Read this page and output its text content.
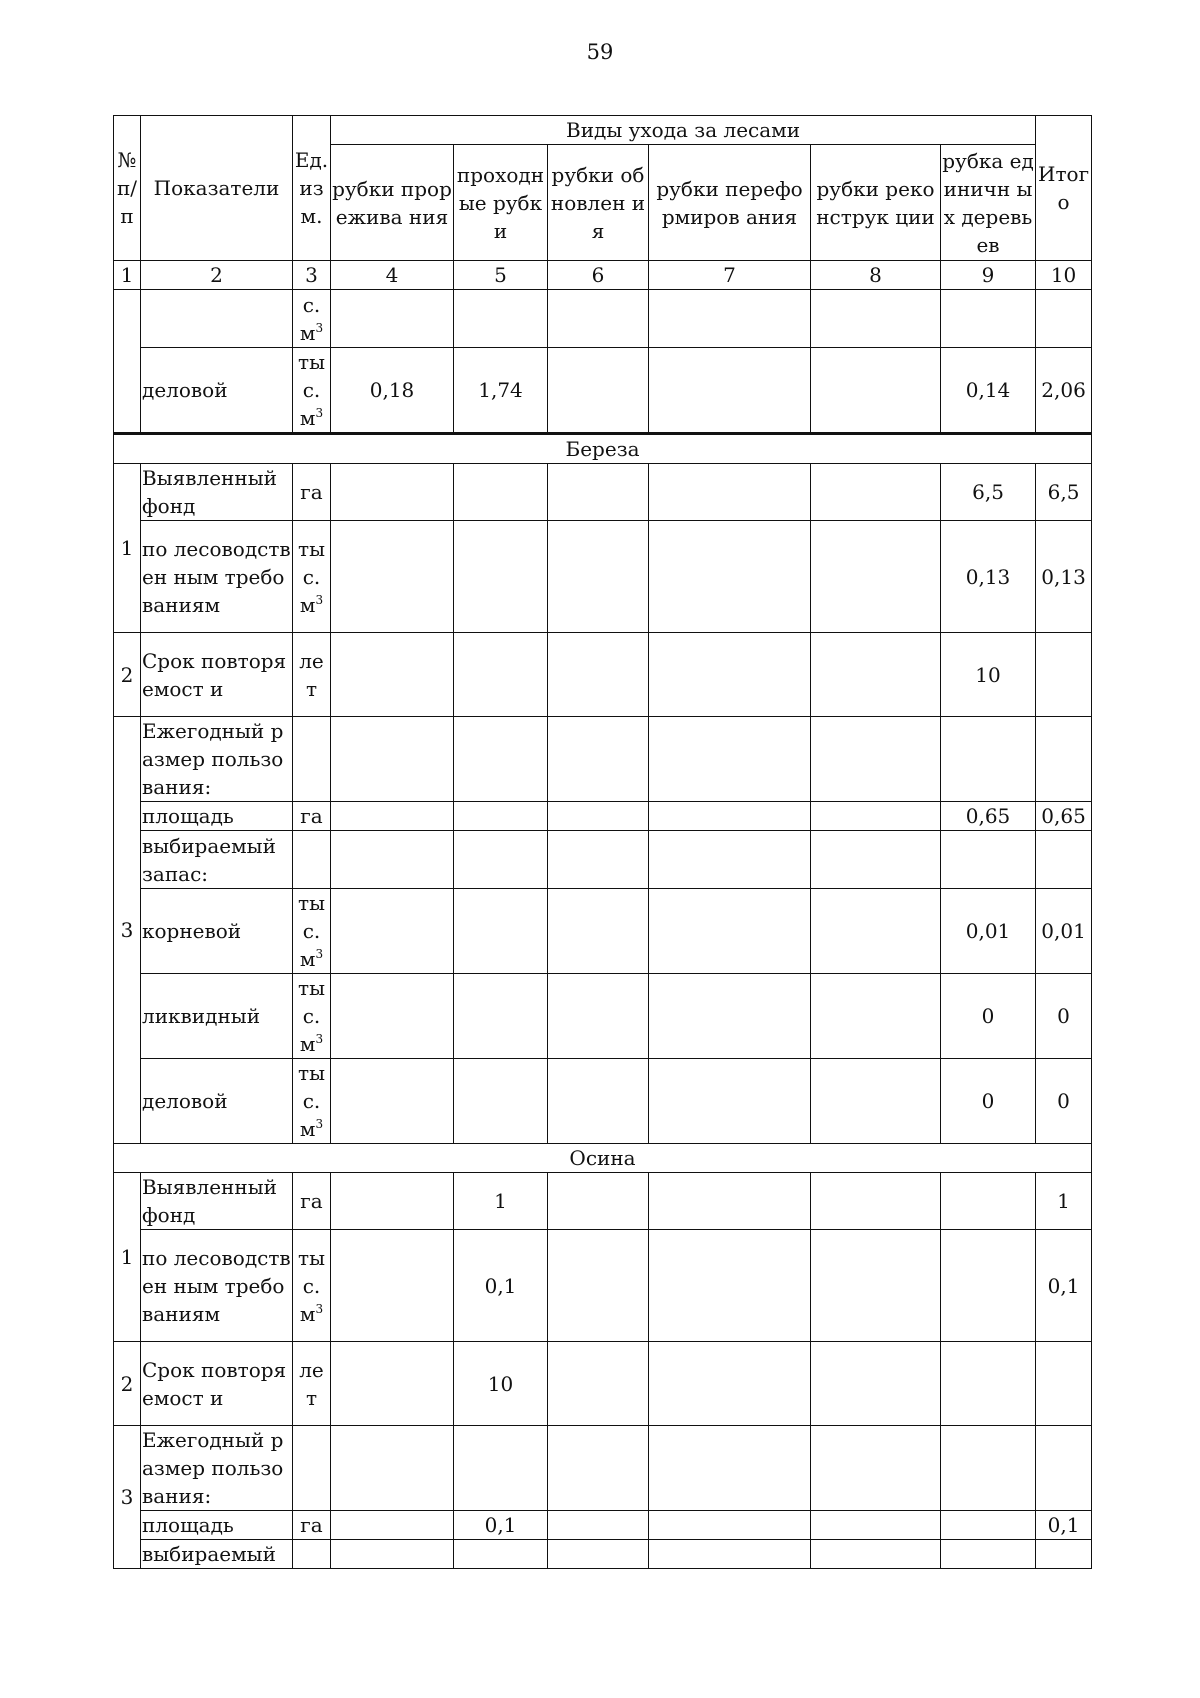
59
№ п/п	Показатели	Ед. из м.	Виды ухода за лесами						Итог о
			рубки прорежива ния	проходн ые рубки	рубки обновлен ия	рубки переформиров ания	рубки реконструк ции	рубка единичн ых деревьев	
1	2	3	4	5	6	7	8	9	10
		с. $м^3$							
	деловой	ты с. $м^3$	0,18	1,74				0,14	2,06
Береза									
1	Выявленный фонд	га						6,5	6,5
	по лесоводствен ным требованиям	ты с. $м^3$						0,13	0,13
2	Срок повторяемост и	лет						10	
3	Ежегодный размер пользования:								
	площадь	га						0,65	0,65
	выбираемый запас:								
	корневой	ты с. $м^3$						0,01	0,01
	ликвидный	ты с. $м^3$						0	0
	деловой	ты с. $м^3$						0	0
Осина									
1	Выявленный фонд	га		1					1
	по лесоводствен ным требованиям	ты с. $м^3$		0,1					0,1
2	Срок повторяемост и	лет		10					
3	Ежегодный размер пользования:								
	площадь	га		0,1					0,1
	выбираемый								
